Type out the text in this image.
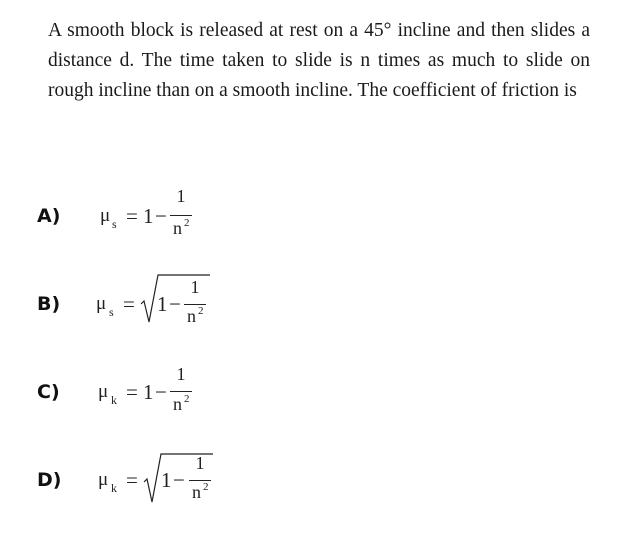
A smooth block is released at rest on a 45° incline and then slides a distance d. The time taken to slide is n times as much to slide on rough incline than on a smooth incline. The coefficient of friction is

A) μ s = 1 −
1
n 2
B) μ s = 1 −
1
n 2
C) μ k = 1 −
1
n 2
D) μ k = 1 −
1
n 2
